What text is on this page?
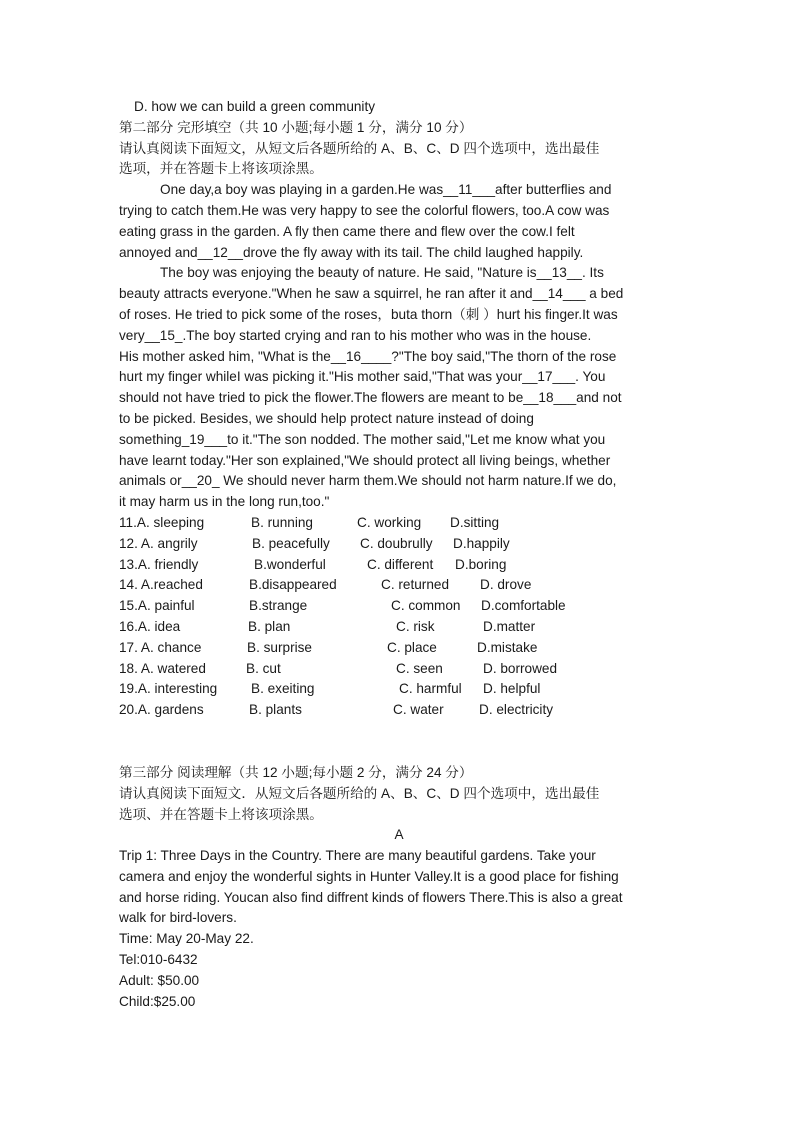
D. how we can build a green community
第二部分 完形填空（共 10 小题;每小题 1 分，满分 10 分）
请认真阅读下面短文，从短文后各题所给的 A、B、C、D 四个选项中，选出最佳
选项，并在答题卡上将该项涂黑。
One day,a boy was playing in a garden.He was__11___after butterflies and
trying to catch them.He was very happy to see the colorful flowers, too.A cow was
eating grass in the garden. A fly then came there and flew over the cow.I felt
annoyed and__12__drove the fly away with its tail. The child laughed happily.
The boy was enjoying the beauty of nature. He said, "Nature is__13__. Its
beauty attracts everyone."When he saw a squirrel, he ran after it and__14___ a bed
of roses. He tried to pick some of the roses，buta thorn（刺 ）hurt his finger.It was
very__15_.The boy started crying and ran to his mother who was in the house.
His mother asked him, "What is the__16____?"The boy said,"The thorn of the rose
hurt my finger whileI was picking it."His mother said,"That was your__17___. You
should not have tried to pick the flower.The flowers are meant to be__18___and not
to be picked. Besides, we should help protect nature instead of doing
something_19___to it."The son nodded. The mother said,"Let me know what you
have learnt today."Her son explained,"We should protect all living beings, whether
animals or__20_ We should never harm them.We should not harm nature.If we do,
it may harm us in the long run,too."
11.A. sleeping	B. running	C. working D.sitting
12. A. angrily	B. peacefully C. doubrully D.happily
13.A. friendly	B.wonderful	C. different D.boring
14. A.reached	B.disappeared	C. returned D. drove
15.A. painful	B.strange	C. common D.comfortable
16.A. idea	B. plan	C. risk	D.matter
17. A. chance	B. surprise	C. place	D.mistake
18. A. watered	B. cut	C. seen	D. borrowed
19.A. interesting B. exeiting	C. harmful D. helpful
20.A. gardens	B. plants	C. water	D. electricity
第三部分 阅读理解（共 12 小题;每小题 2 分，满分 24 分）
请认真阅读下面短文．从短文后各题所给的 A、B、C、D 四个选项中，选出最佳
选项、并在答题卡上将该项涂黑。
A
Trip 1: Three Days in the Country. There are many beautiful gardens. Take your
camera and enjoy the wonderful sights in Hunter Valley.It is a good place for fishing
and horse riding. Youcan also find diffrent kinds of flowers There.This is also a great
walk for bird-lovers.
Time: May 20-May 22.
Tel:010-6432
Adult: $50.00
Child:$25.00
